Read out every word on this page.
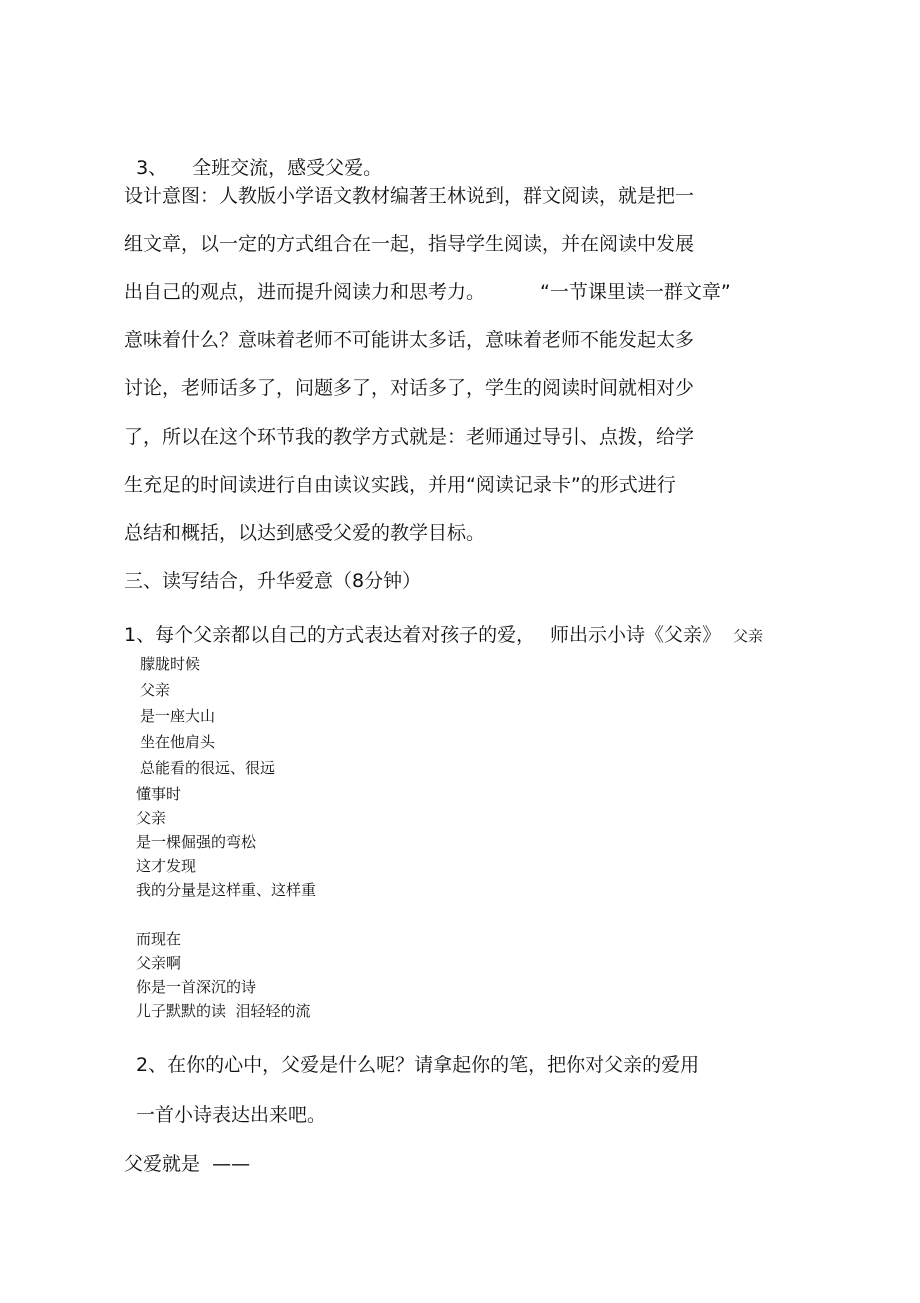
3、 全班交流，感受父爱。

设计意图：人教版小学语文教材编著王林说到，群文阅读，就是把一
组文章，以一定的方式组合在一起，指导学生阅读，并在阅读中发展
出自己的观点，进而提升阅读力和思考力。	“一节课里读一群文章”
意味着什么？意味着老师不可能讲太多话，意味着老师不能发起太多
讨论，老师话多了，问题多了，对话多了，学生的阅读时间就相对少
了，所以在这个环节我的教学方式就是：老师通过导引、点拨，给学
生充足的时间读进行自由读议实践，并用“阅读记录卡”的形式进行
总结和概括，以达到感受父爱的教学目标。
三、读写结合，升华爱意（8分钟）
1、每个父亲都以自己的方式表达着对孩子的爱， 师出示小诗《父亲》 父亲
朦胧时候
父亲
是一座大山
坐在他肩头
总能看的很远、很远
懂事时
父亲
是一棵倔强的弯松
这才发现
我的分量是这样重、这样重
而现在
父亲啊
你是一首深沉的诗
儿子默默的读  泪轻轻的流
2、在你的心中，父爱是什么呢？请拿起你的笔，把你对父亲的爱用
一首小诗表达出来吧。
父爱就是  ——
